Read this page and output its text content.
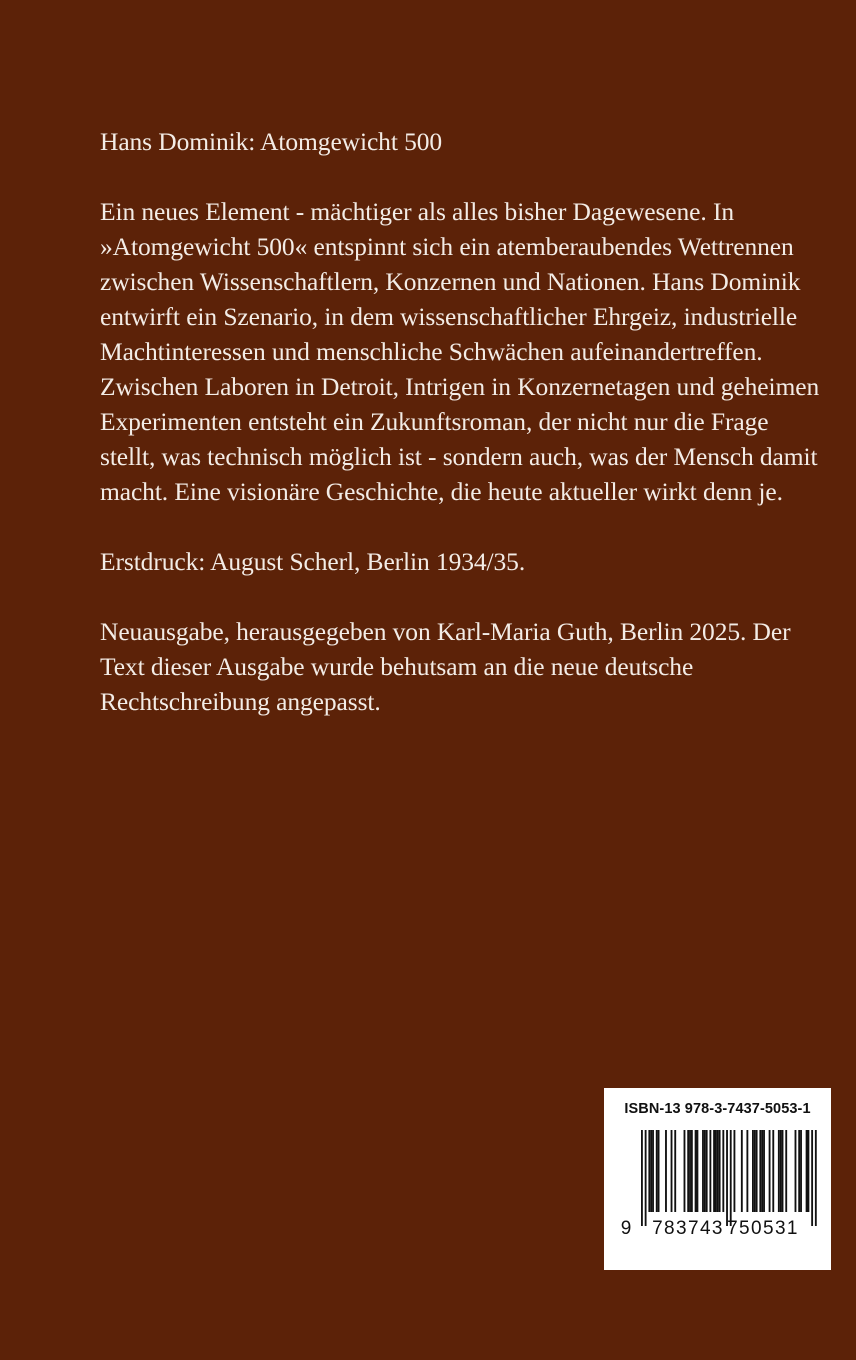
Hans Dominik: Atomgewicht 500

Ein neues Element - mächtiger als alles bisher Dagewesene. In »Atomgewicht 500« entspinnt sich ein atemberaubendes Wettrennen zwischen Wissenschaftlern, Konzernen und Nationen. Hans Dominik entwirft ein Szenario, in dem wissenschaftlicher Ehrgeiz, industrielle Machtinteressen und menschliche Schwächen aufeinandertreffen. Zwischen Laboren in Detroit, Intrigen in Konzernetagen und geheimen Experimenten entsteht ein Zukunftsroman, der nicht nur die Frage stellt, was technisch möglich ist - sondern auch, was der Mensch damit macht. Eine visionäre Geschichte, die heute aktueller wirkt denn je.

Erstdruck: August Scherl, Berlin 1934/35.

Neuausgabe, herausgegeben von Karl-Maria Guth, Berlin 2025. Der Text dieser Ausgabe wurde behutsam an die neue deutsche Rechtschreibung angepasst.

ISBN-13 978-3-7437-5053-1
9 783743 750531
